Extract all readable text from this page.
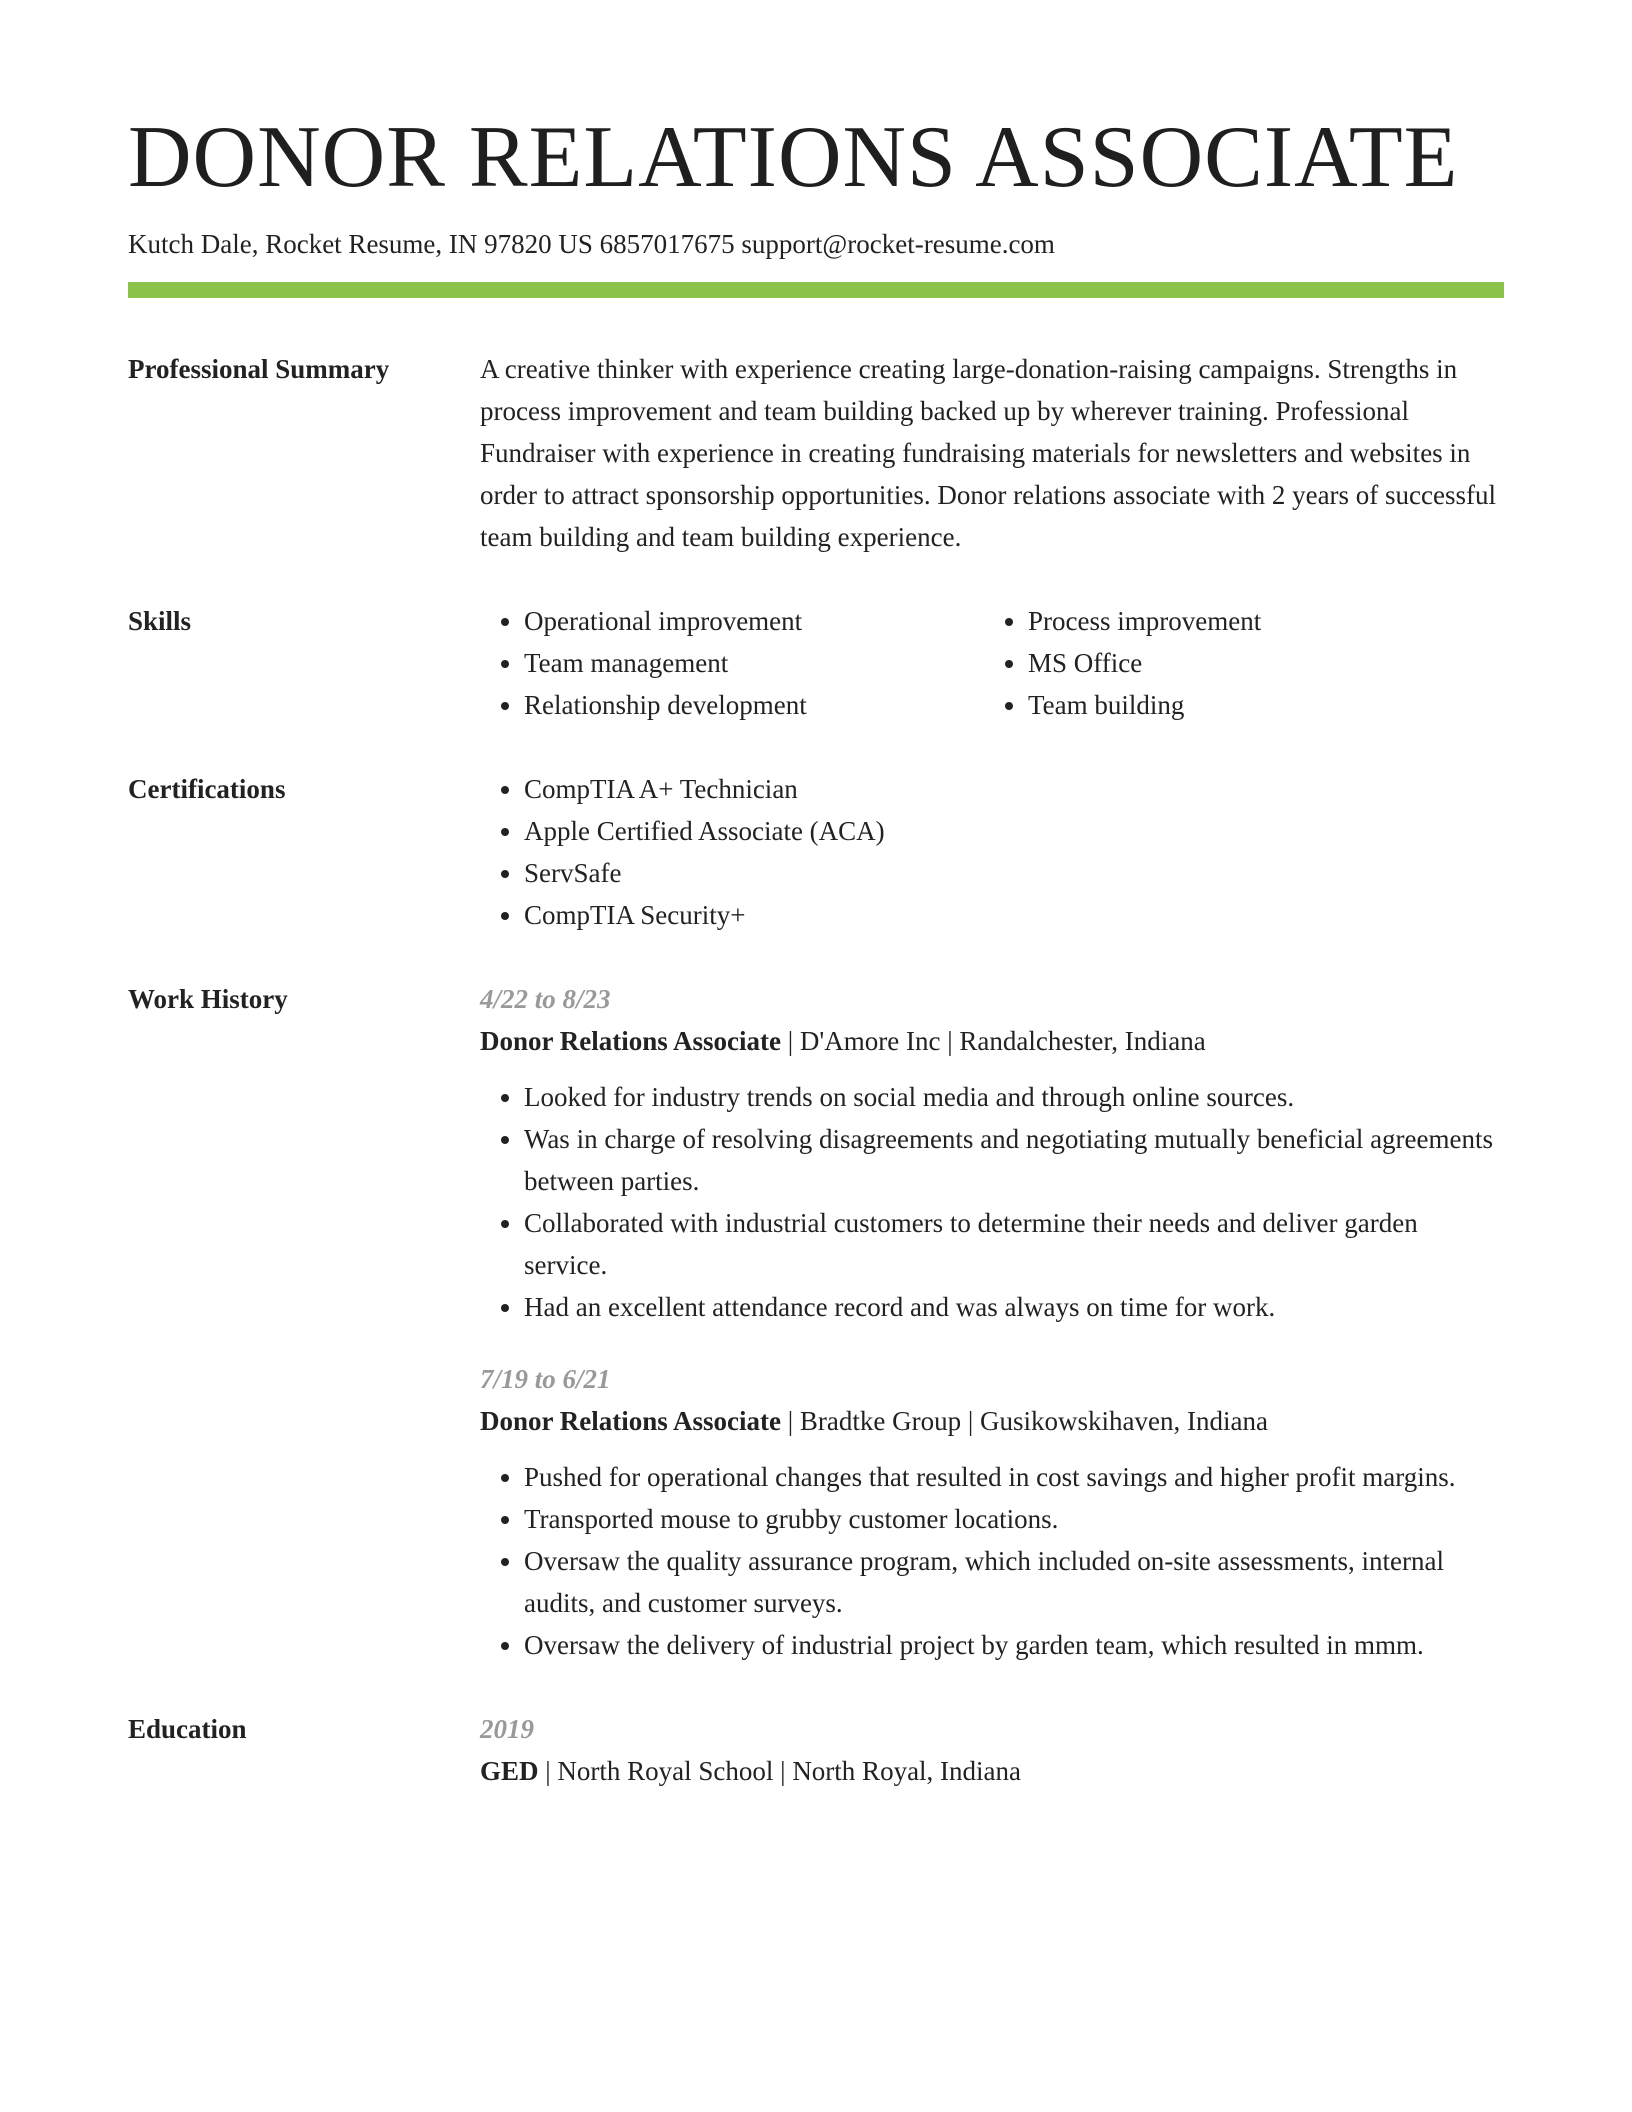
DONOR RELATIONS ASSOCIATE
Kutch Dale, Rocket Resume, IN 97820 US 6857017675 support@rocket-resume.com
Professional Summary	A creative thinker with experience creating large-donation-raising campaigns. Strengths in process improvement and team building backed up by wherever training. Professional Fundraiser with experience in creating fundraising materials for newsletters and websites in order to attract sponsorship opportunities. Donor relations associate with 2 years of successful team building and team building experience.

Skills	• Operational improvement
• Team management
• Relationship development
• Process improvement
• MS Office
• Team building
Certifications	• CompTIA A+ Technician
• Apple Certified Associate (ACA)
• ServSafe
• CompTIA Security+
Work History	4/22 to 8/23
Donor Relations Associate | D'Amore Inc | Randalchester, Indiana
• Looked for industry trends on social media and through online sources.
• Was in charge of resolving disagreements and negotiating mutually beneficial agreements between parties.
• Collaborated with industrial customers to determine their needs and deliver garden service.
• Had an excellent attendance record and was always on time for work.
7/19 to 6/21
Donor Relations Associate | Bradtke Group | Gusikowskihaven, Indiana
• Pushed for operational changes that resulted in cost savings and higher profit margins.
• Transported mouse to grubby customer locations.
• Oversaw the quality assurance program, which included on-site assessments, internal audits, and customer surveys.
• Oversaw the delivery of industrial project by garden team, which resulted in mmm.
Education	2019
GED | North Royal School | North Royal, Indiana
